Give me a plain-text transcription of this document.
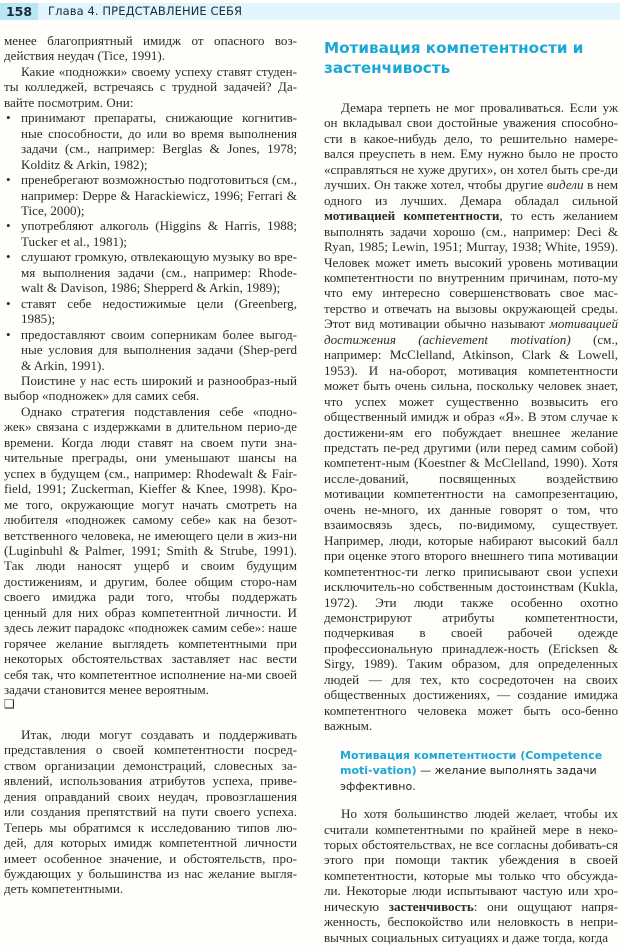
158	Глава 4. ПРЕДСТАВЛЕНИЕ СЕБЯ

менее благоприятный имидж от опасного воз-действия неудач (Tice, 1991).

Какие «подножки» своему успеху ставят студен-ты колледжей, встречаясь с трудной задачей? Да-вайте посмотрим. Они:

• принимают препараты, снижающие когнитив-ные способности, до или во время выполнения задачи (см., например: Berglas & Jones, 1978; Kolditz & Arkin, 1982);
• пренебрегают возможностью подготовиться (см., например: Deppe & Harackiewicz, 1996; Ferrari & Tice, 2000);
• употребляют алкоголь (Higgins & Harris, 1988; Tucker et al., 1981);
• слушают громкую, отвлекающую музыку во вре-мя выполнения задачи (см., например: Rhode-walt & Davison, 1986; Shepperd & Arkin, 1989);
• ставят себе недостижимые цели (Greenberg, 1985);
• предоставляют своим соперникам более выгод-ные условия для выполнения задачи (Shep-perd & Arkin, 1991).

Поистине у нас есть широкий и разнообраз-ный выбор «подножек» для самих себя.

Однако стратегия подставления себе «подно-жек» связана с издержками в длительном перио-де времени. Когда люди ставят на своем пути зна-чительные преграды, они уменьшают шансы на успех в будущем (см., например: Rhodewalt & Fair-field, 1991; Zuckerman, Kieffer & Knee, 1998). Кро-ме того, окружающие могут начать смотреть на любителя «подножек самому себе» как на безот-ветственного человека, не имеющего цели в жиз-ни (Luginbuhl & Palmer, 1991; Smith & Strube, 1991). Так люди наносят ущерб и своим будущим достижениям, и другим, более общим сторо-нам своего имиджа ради того, чтобы поддержать ценный для них образ компетентной личности. И здесь лежит парадокс «подножек самим себе»: наше горячее желание выглядеть компетентными при некоторых обстоятельствах заставляет нас вести себя так, что компетентное исполнение на-ми своей задачи становится менее вероятным.

❑

Итак, люди могут создавать и поддерживать представления о своей компетентности посред-ством организации демонстраций, словесных за-явлений, использования атрибутов успеха, приве-дения оправданий своих неудач, провозглашения или создания препятствий на пути своего успеха. Теперь мы обратимся к исследованию типов лю-дей, для которых имидж компетентной личности имеет особенное значение, и обстоятельств, про-буждающих у большинства из нас желание выгля-деть компетентными.

Мотивация компетентности и застенчивость

Демара терпеть не мог проваливаться. Если уж он вкладывал свои достойные уважения способно-сти в какое-нибудь дело, то решительно намере-вался преуспеть в нем. Ему нужно было не просто «справляться не хуже других», он хотел быть сре-ди лучших. Он также хотел, чтобы другие видели в нем одного из лучших. Демара обладал сильной мотивацией компетентности, то есть желанием выполнять задачи хорошо (см., например: Deci & Ryan, 1985; Lewin, 1951; Murray, 1938; White, 1959). Человек может иметь высокий уровень мотивации компетентности по внутренним причинам, пото-му что ему интересно совершенствовать свое мас-терство и отвечать на вызовы окружающей среды. Этот вид мотивации обычно называют мотивацией достижения (achievement motivation) (см., например: McClelland, Atkinson, Clark & Lowell, 1953). И на-оборот, мотивация компетентности может быть очень сильна, поскольку человек знает, что успех может существенно возвысить его общественный имидж и образ «Я». В этом случае к достижени-ям его побуждает внешнее желание предстать пе-ред другими (или перед самим собой) компетент-ным (Koestner & McClelland, 1990). Хотя иссле-дований, посвященных воздействию мотивации компетентности на самопрезентацию, очень не-много, их данные говорят о том, что взаимосвязь здесь, по-видимому, существует. Например, люди, которые набирают высокий балл при оценке этого второго внешнего типа мотивации компетентнос-ти легко приписывают свои успехи исключитель-но собственным достоинствам (Kukla, 1972). Эти люди также особенно охотно демонстрируют атрибуты компетентности, подчеркивая в своей рабочей одежде профессиональную принадлеж-ность (Ericksen & Sirgy, 1989). Таким образом, для определенных людей — для тех, кто сосредоточен на своих общественных достижениях, — создание имиджа компетентного человека может быть осо-бенно важным.

Мотивация компетентности (Competence moti-vation) — желание выполнять задачи эффективно.

Но хотя большинство людей желает, чтобы их считали компетентными по крайней мере в неко-торых обстоятельствах, не все согласны добивать-ся этого при помощи тактик убеждения в своей компетентности, которые мы только что обсужда-ли. Некоторые люди испытывают частую или хро-ническую застенчивость: они ощущают напря-женность, беспокойство или неловкость в непри-вычных социальных ситуациях и даже тогда, когда
